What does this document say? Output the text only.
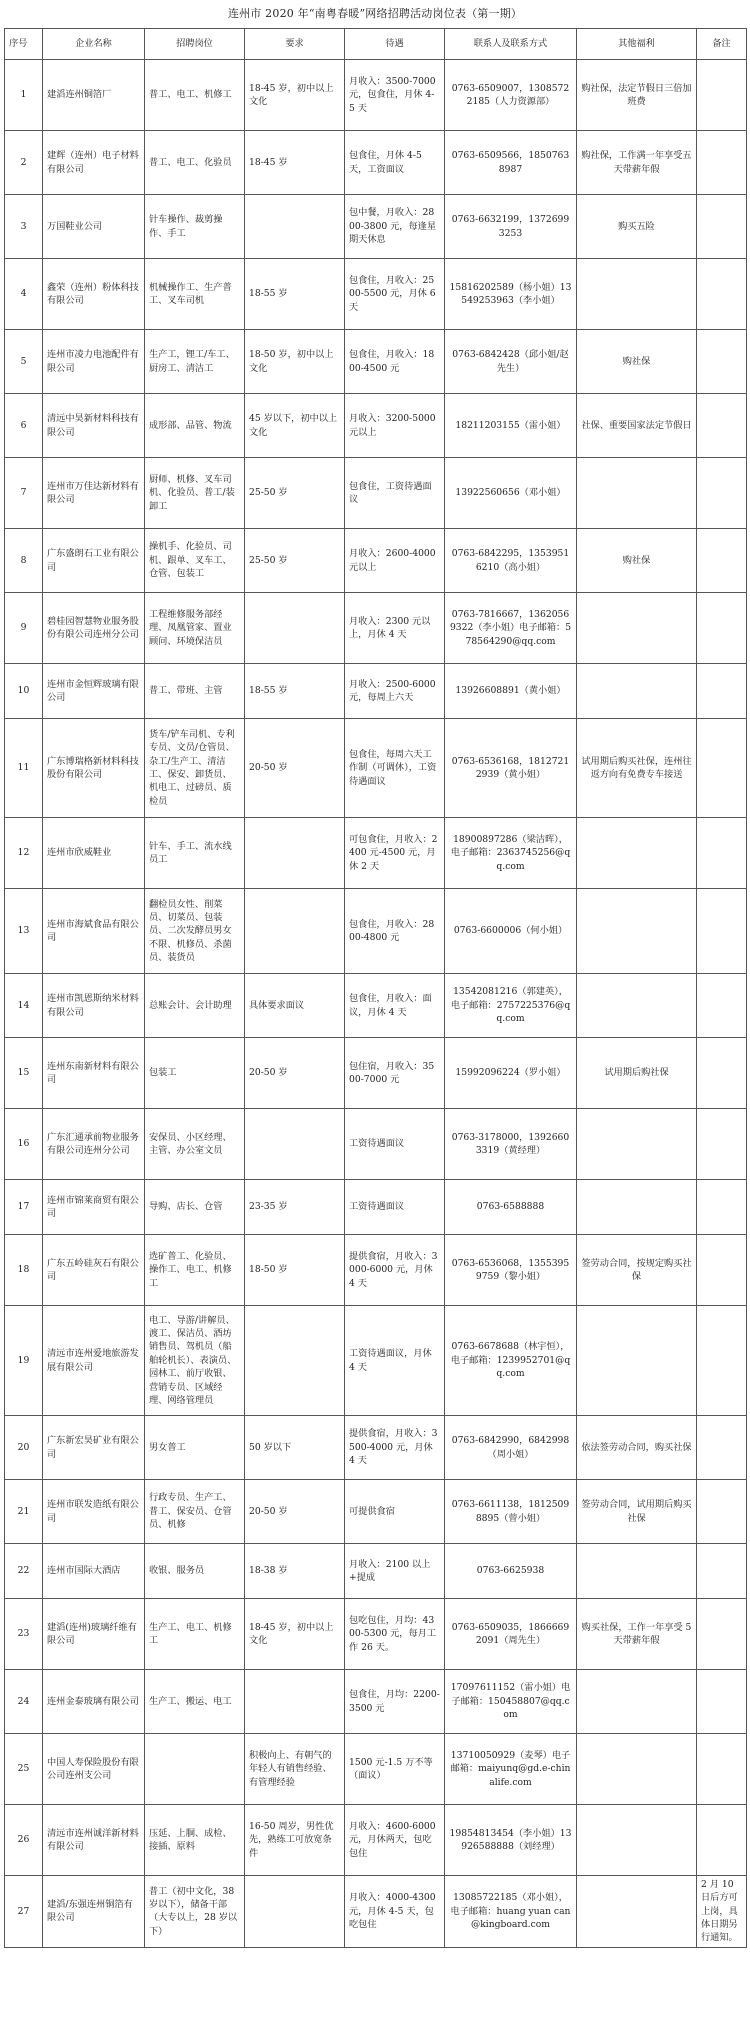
连州市 2020 年“南粤春暖”网络招聘活动岗位表（第一期）
序号	企业名称	招聘岗位	要求	待遇	联系人及联系方式	其他福利	备注
1	建滔连州铜箔厂	普工、电工、机修工	18-45 岁，初中以上文化	月收入：3500-7000 元，包食住，月休 4-5 天	0763-6509007，13085722185（人力资源部）	购社保，法定节假日三倍加班费	
2	建辉（连州）电子材料有限公司	普工、电工、化验员	18-45 岁	包食住，月休 4-5 天，工资面议	0763-6509566，18507638987	购社保，工作满一年享受五天带薪年假	
3	万国鞋业公司	针车操作、裁剪操作、手工		包中餐，月收入：2800-3800 元，每逢星期天休息	0763-6632199，13726993253	购买五险	
4	鑫荣（连州）粉体科技有限公司	机械操作工、生产普工、叉车司机	18-55 岁	包食住，月收入：2500-5500 元，月休 6 天	15816202589（杨小姐）13549253963（李小姐）		
5	连州市凌力电池配件有限公司	生产工，锂工/车工、厨房工、清洁工	18-50 岁，初中以上文化	包食住，月收入：1800-4500 元	0763-6842428（邱小姐/赵先生）	购社保	
6	清远中昊新材料科技有限公司	成形部、品管、物流	45 岁以下，初中以上文化	月收入：3200-5000 元以上	18211203155（雷小姐）	社保、重要国家法定节假日	
7	连州市万佳达新材料有限公司	厨师、机修、叉车司机、化验员、普工/装卸工	25-50 岁	包食住，工资待遇面议	13922560656（邓小姐）		
8	广东盛朗石工业有限公司	操机手、化验员、司机、跟单、叉车工、仓管、包装工	25-50 岁	月收入：2600-4000 元以上	0763-6842295，13539516210（高小姐）	购社保	
9	碧桂园智慧物业服务股份有限公司连州分公司	工程维修服务部经理、凤凰管家、置业顾问、环境保洁员		月收入：2300 元以上，月休 4 天	0763-7816667，13620569322（李小姐）电子邮箱：578564290@qq.com		
10	连州市金恒辉玻璃有限公司	普工、带班、主管	18-55 岁	月收入：2500-6000 元，每周上六天	13926608891（黄小姐）		
11	广东博瑞格新材料科技股份有限公司	货车/铲车司机、专利专员、文员/仓管员、杂工/生产工、清洁工、保安、卸货员、机电工、过磅员、质检员	20-50 岁	包食住，每周六天工作制（可调休），工资待遇面议	0763-6536168，18127212939（黄小姐）	试用期后购买社保，连州往返方向有免费专车接送	
12	连州市欣威鞋业	针车、手工、流水线员工		可包食住，月收入：2400 元-4500 元，月休 2 天	18900897286（梁洁晖），电子邮箱：2363745256@qq.com		
13	连州市海斌食品有限公司	翻检员女性、削菜员、切菜员、包装员、二次发酵员男女不限、机修员、杀菌员、装货员		包食住，月收入：2800-4800 元	0763-6600006（何小姐）		
14	连州市凯恩斯纳米材料有限公司	总账会计、会计助理	具体要求面议	包食住，月收入：面议，月休 4 天	13542081216（郭建英），电子邮箱：2757225376@qq.com		
15	连州东南新材料有限公司	包装工	20-50 岁	包住宿，月收入：3500-7000 元	15992096224（罗小姐）	试用期后购社保	
16	广东汇通承前物业服务有限公司连州分公司	安保员、小区经理、主管、办公室文员		工资待遇面议	0763-3178000，13926603319（黄经理）		
17	连州市锦莱商贸有限公司	导购、店长、仓管	23-35 岁	工资待遇面议	0763-6588888		
18	广东五岭硅灰石有限公司	选矿普工、化验员、操作工、电工、机修工	18-50 岁	提供食宿，月收入：3000-6000 元，月休 4 天	0763-6536068，13553959759（黎小姐）	签劳动合同，按规定购买社保	
19	清远市连州爱地旅游发展有限公司	电工、导游/讲解员、渡工、保洁员、酒坊销售员、驾机员（船舶轮机长）、表演员、园林工、前厅收银、营销专员、区域经理、网络管理员		工资待遇面议，月休 4 天	0763-6678688（林宇恒），电子邮箱：1239952701@qq.com		
20	广东新宏昊矿业有限公司	男女普工	50 岁以下	提供食宿，月收入：3500-4000 元，月休 4 天	0763-6842990，6842998（周小姐）	依法签劳动合同，购买社保	
21	连州市联发造纸有限公司	行政专员、生产工、普工、保安员、仓管员、机修	20-50 岁	可提供食宿	0763-6611138，18125098895（曾小姐）	签劳动合同，试用期后购买社保	
22	连州市国际大酒店	收银、服务员	18-38 岁	月收入：2100 以上+提成	0763-6625938		
23	建滔(连州)玻璃纤维有限公司	生产工、电工、机修工	18-45 岁，初中以上文化	包吃包住，月均：4300-5300 元，每月工作 26 天。	0763-6509035，18666692091（周先生）	购买社保，工作一年享受 5 天带薪年假	
24	连州金泰玻璃有限公司	生产工、搬运、电工		包食住，月均：2200-3500 元	17097611152（雷小姐）电子邮箱：150458807@qq.com		
25	中国人寿保险股份有限公司连州支公司		积极向上、有朝气的年轻人有销售经验、有管理经验	1500 元-1.5 万不等（面议）	13710050929（麦琴）电子邮箱：maiyunq@gd.e-chinalife.com		
26	清远市连州诚洋新材料有限公司	压延、上胴、成检、接插、原料	16-50 周岁，男性优先，熟练工可放宽条件	月收入：4600-6000 元，月休两天，包吃包住	19854813454（李小姐）13926588888（刘经理）		
27	建滔/东强连州铜箔有限公司	普工（初中文化，38 岁以下），储备干部（大专以上，28 岁以下）		月收入：4000-4300 元，月休 4-5 天，包吃包住	13085722185（邓小姐），电子邮箱：huang yuan can@kingboard.com		2 月 10 日后方可上岗，具体日期另行通知。
